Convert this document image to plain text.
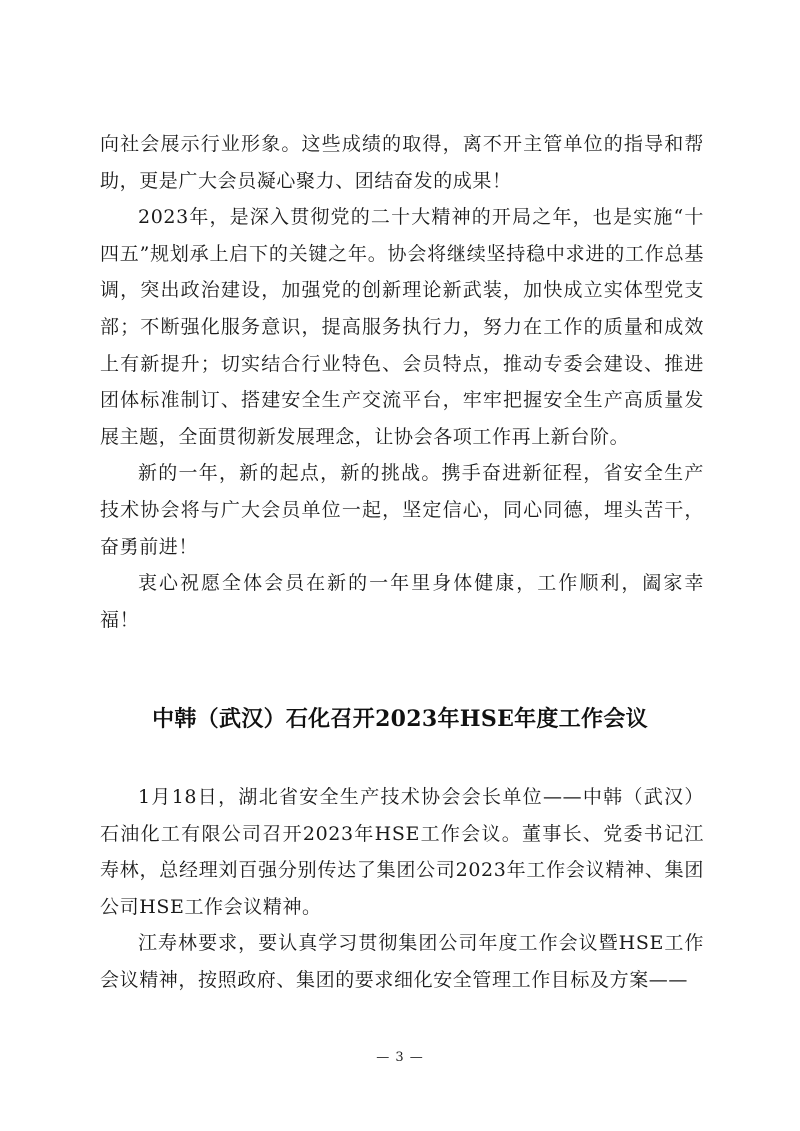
向社会展示行业形象。这些成绩的取得，离不开主管单位的指导和帮助，更是广大会员凝心聚力、团结奋发的成果！

2023年，是深入贯彻党的二十大精神的开局之年，也是实施“十四五”规划承上启下的关键之年。协会将继续坚持稳中求进的工作总基调，突出政治建设，加强党的创新理论新武装，加快成立实体型党支部；不断强化服务意识，提高服务执行力，努力在工作的质量和成效上有新提升；切实结合行业特色、会员特点，推动专委会建设、推进团体标准制订、搭建安全生产交流平台，牢牢把握安全生产高质量发展主题，全面贯彻新发展理念，让协会各项工作再上新台阶。

新的一年，新的起点，新的挑战。携手奋进新征程，省安全生产技术协会将与广大会员单位一起，坚定信心，同心同德，埋头苦干，奋勇前进！

衷心祝愿全体会员在新的一年里身体健康，工作顺利，阖家幸福！

中韩（武汉）石化召开2023年HSE年度工作会议

1月18日，湖北省安全生产技术协会会长单位——中韩（武汉）石油化工有限公司召开2023年HSE工作会议。董事长、党委书记江寿林，总经理刘百强分别传达了集团公司2023年工作会议精神、集团公司HSE工作会议精神。

江寿林要求，要认真学习贯彻集团公司年度工作会议暨HSE工作会议精神，按照政府、集团的要求细化安全管理工作目标及方案——

— 3 —
